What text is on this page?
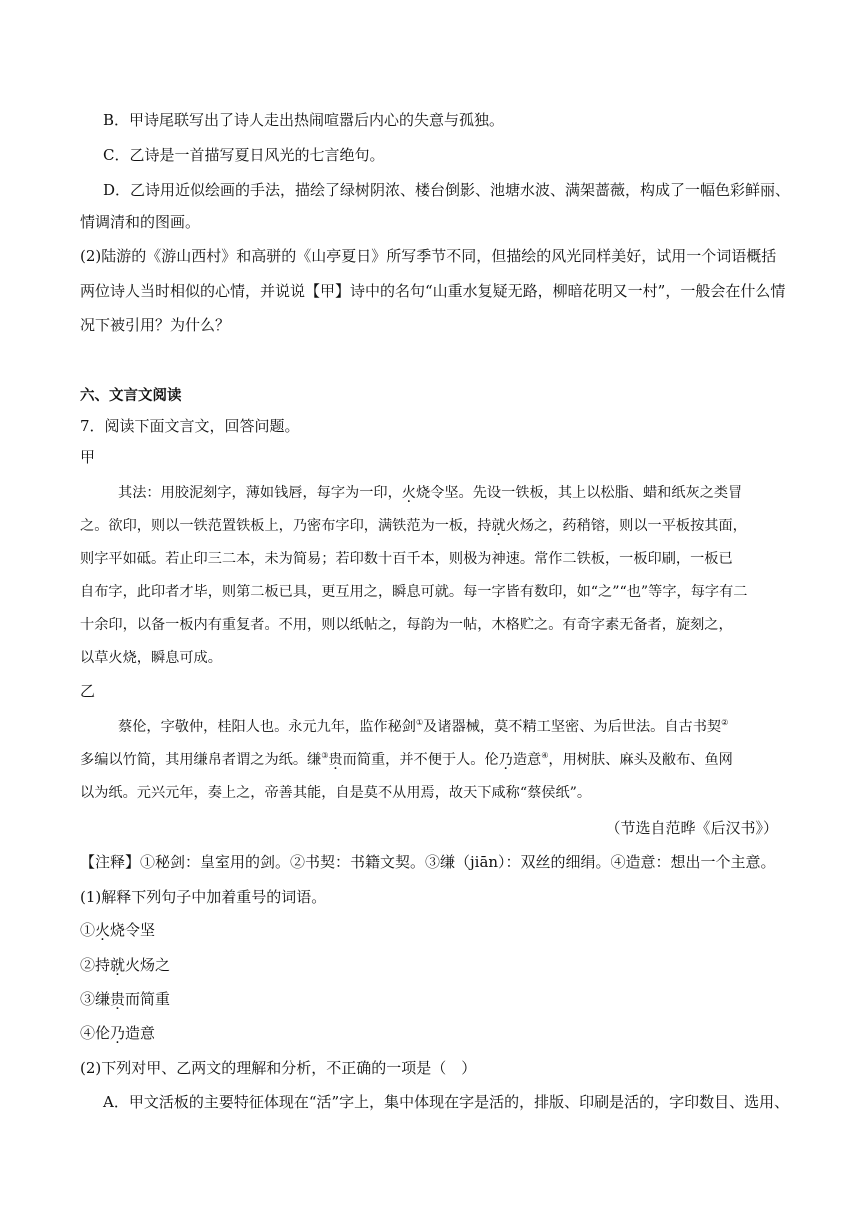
B．甲诗尾联写出了诗人走出热闹喧嚣后内心的失意与孤独。
C．乙诗是一首描写夏日风光的七言绝句。
D．乙诗用近似绘画的手法，描绘了绿树阴浓、楼台倒影、池塘水波、满架蔷薇，构成了一幅色彩鲜丽、
情调清和的图画。
(2)陆游的《游山西村》和高骈的《山亭夏日》所写季节不同，但描绘的风光同样美好，试用一个词语概括
两位诗人当时相似的心情，并说说【甲】诗中的名句“山重水复疑无路，柳暗花明又一村”，一般会在什么情
况下被引用？为什么？
六、文言文阅读
7．阅读下面文言文，回答问题。
甲
其法：用胶泥刻字，薄如钱唇，每字为一印，火烧令坚。先设一铁板，其上以松脂、蜡和纸灰之类冒
之。欲印，则以一铁范置铁板上，乃密布字印，满铁范为一板，持就火炀之，药稍镕，则以一平板按其面，
则字平如砥。若止印三二本，未为简易；若印数十百千本，则极为神速。常作二铁板，一板印刷，一板已
自布字，此印者才毕，则第二板已具，更互用之，瞬息可就。每一字皆有数印，如“之”“也”等字，每字有二
十余印，以备一板内有重复者。不用，则以纸帖之，每韵为一帖，木格贮之。有奇字素无备者，旋刻之，
以草火烧，瞬息可成。
乙
蔡伦，字敬仲，桂阳人也。永元九年，监作秘剑①及诸器械，莫不精工坚密、为后世法。自古书契②
多编以竹简，其用缣帛者谓之为纸。缣③贵而简重，并不便于人。伦乃造意④，用树肤、麻头及敝布、鱼网
以为纸。元兴元年，奏上之，帝善其能，自是莫不从用焉，故天下咸称“蔡侯纸”。
（节选自范晔《后汉书》）
【注释】①秘剑：皇室用的剑。②书契：书籍文契。③缣（jiān）：双丝的细绢。④造意：想出一个主意。
(1)解释下列句子中加着重号的词语。
①火烧令坚
②持就火炀之
③缣贵而简重
④伦乃造意
(2)下列对甲、乙两文的理解和分析，不正确的一项是（　）
A．甲文活板的主要特征体现在“活”字上，集中体现在字是活的，排版、印刷是活的，字印数目、选用、
